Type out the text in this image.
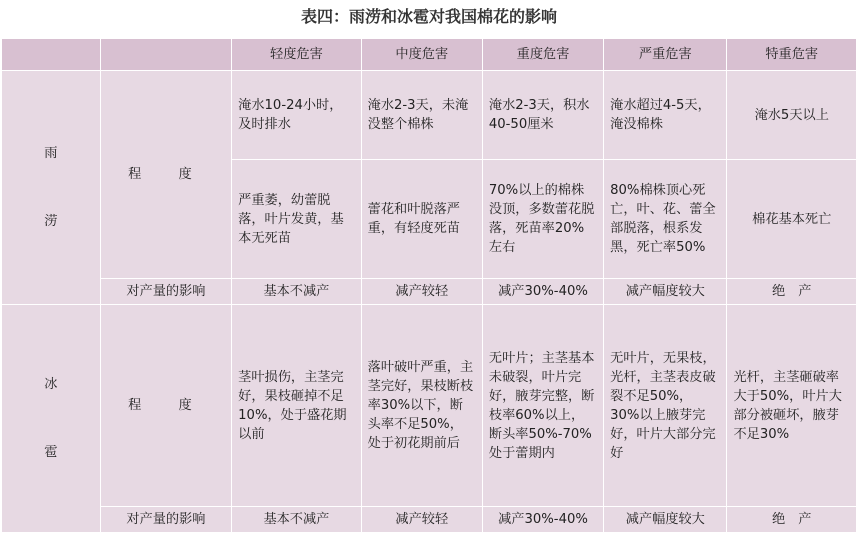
表四：雨涝和冰雹对我国棉花的影响
		轻度危害	中度危害	重度危害	严重危害	特重危害

雨
涝	程　度	淹水10-24小时，及时排水	淹水2-3天，未淹没整个棉株	淹水2-3天，积水40-50厘米	淹水超过4-5天，淹没棉株	淹水5天以上
		严重萎，幼蕾脱落，叶片发黄，基本无死苗	蕾花和叶脱落严重，有轻度死苗	70%以上的棉株没顶，多数蕾花脱落，死苗率20%左右	80%棉株顶心死亡，叶、花、蕾全部脱落，根系发黑，死亡率50%	棉花基本死亡
	对产量的影响	基本不减产	减产较轻	减产30%-40%	减产幅度较大	绝　产

冰
雹	程　度	茎叶损伤，主茎完好，果枝砸掉不足10%，处于盛花期以前	落叶破叶严重，主茎完好，果枝断枝率30%以下，断头率不足50%，处于初花期前后	无叶片；主茎基本未破裂，叶片完好，腋芽完整，断枝率60%以上，断头率50%-70%处于蕾期内	无叶片，无果枝，光杆，主茎表皮破裂不足50%，30%以上腋芽完好，叶片大部分完好	光杆，主茎砸破率大于50%，叶片大部分被砸坏，腋芽不足30%
	对产量的影响	基本不减产	减产较轻	减产30%-40%	减产幅度较大	绝　产
